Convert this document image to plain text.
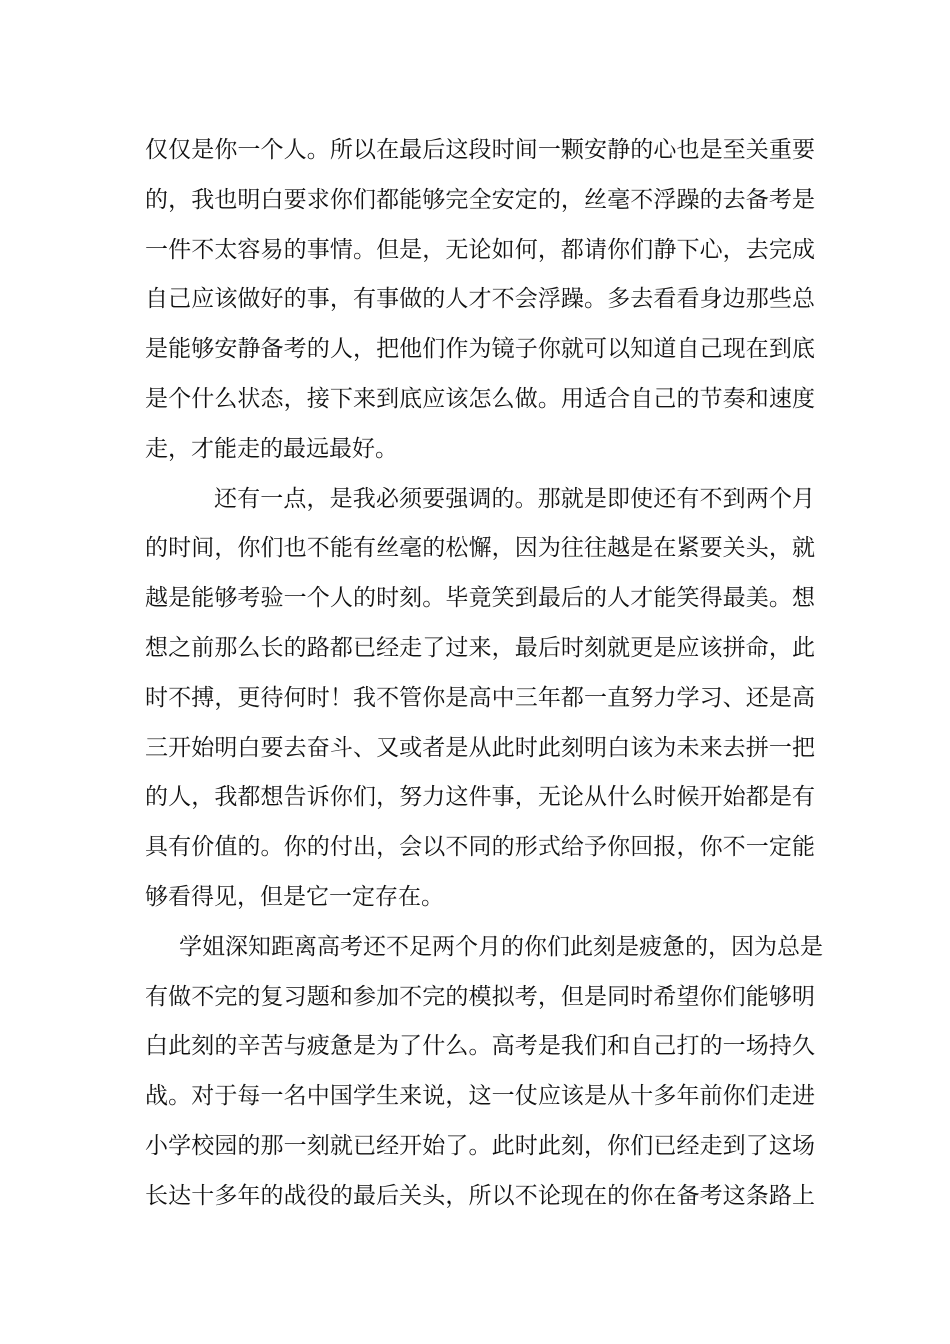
仅仅是你一个人。所以在最后这段时间一颗安静的心也是至关重要
的，我也明白要求你们都能够完全安定的，丝毫不浮躁的去备考是
一件不太容易的事情。但是，无论如何，都请你们静下心，去完成
自己应该做好的事，有事做的人才不会浮躁。多去看看身边那些总
是能够安静备考的人，把他们作为镜子你就可以知道自己现在到底
是个什么状态，接下来到底应该怎么做。用适合自己的节奏和速度
走，才能走的最远最好。
还有一点，是我必须要强调的。那就是即使还有不到两个月
的时间，你们也不能有丝毫的松懈，因为往往越是在紧要关头，就
越是能够考验一个人的时刻。毕竟笑到最后的人才能笑得最美。想
想之前那么长的路都已经走了过来，最后时刻就更是应该拼命，此
时不搏，更待何时！我不管你是高中三年都一直努力学习、还是高
三开始明白要去奋斗、又或者是从此时此刻明白该为未来去拼一把
的人，我都想告诉你们，努力这件事，无论从什么时候开始都是有
具有价值的。你的付出，会以不同的形式给予你回报，你不一定能
够看得见，但是它一定存在。
学姐深知距离高考还不足两个月的你们此刻是疲惫的，因为总是
有做不完的复习题和参加不完的模拟考，但是同时希望你们能够明
白此刻的辛苦与疲惫是为了什么。高考是我们和自己打的一场持久
战。对于每一名中国学生来说，这一仗应该是从十多年前你们走进
小学校园的那一刻就已经开始了。此时此刻，你们已经走到了这场
长达十多年的战役的最后关头，所以不论现在的你在备考这条路上
